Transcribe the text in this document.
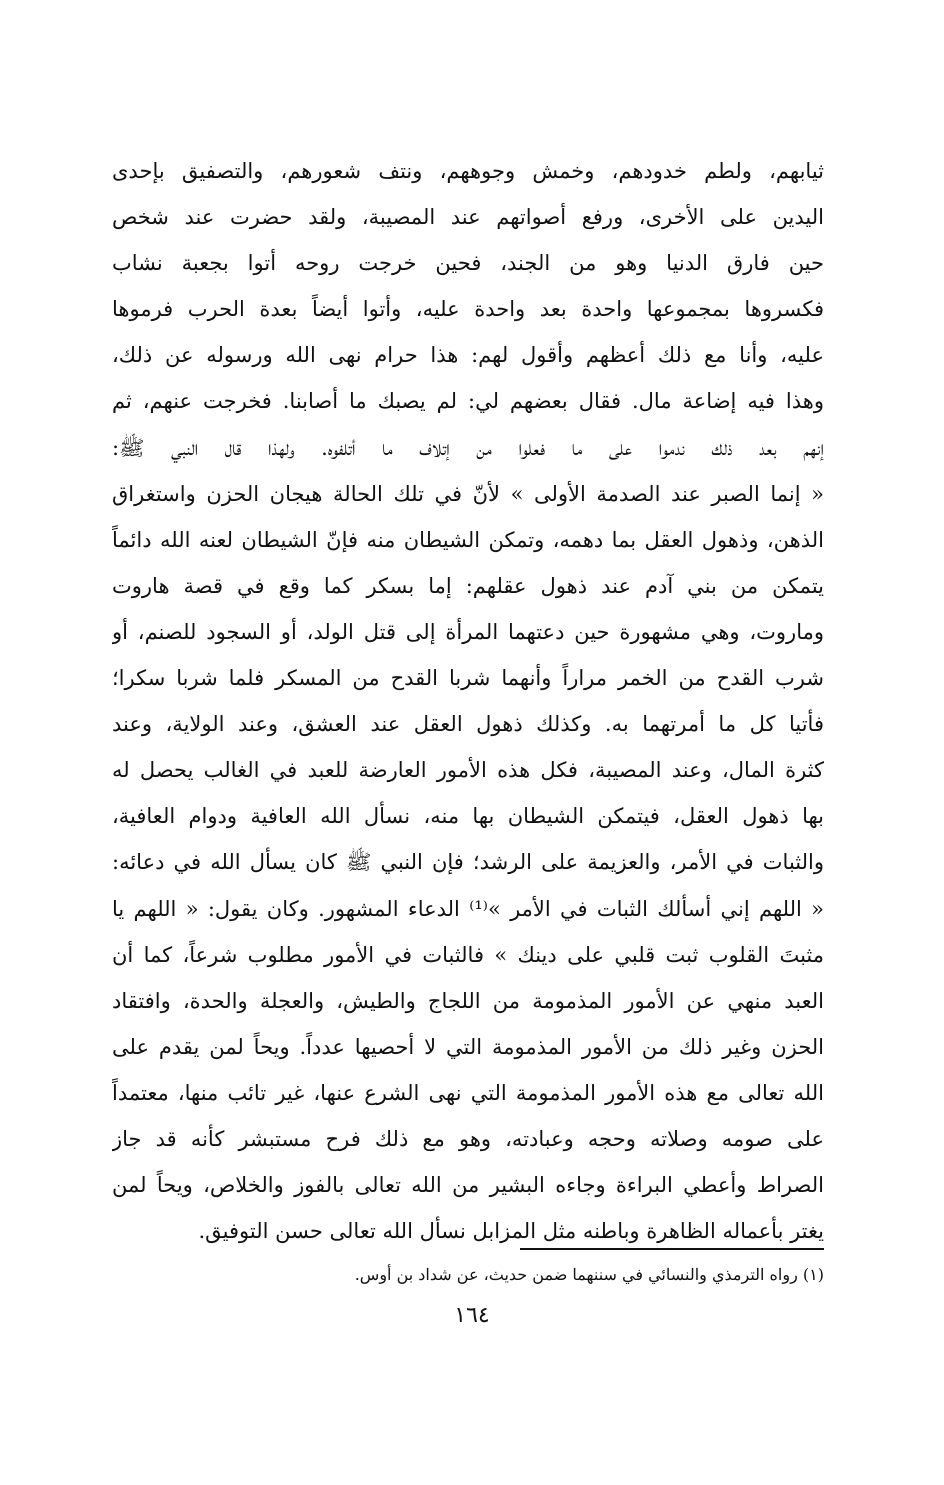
ثيابهم، ولطم خدودهم، وخمش وجوههم، ونتف شعورهم، والتصفيق بإحدى
اليدين على الأخرى، ورفع أصواتهم عند المصيبة، ولقد حضرت عند شخص
حين فارق الدنيا وهو من الجند، فحين خرجت روحه أتوا بجعبة نشاب
فكسروها بمجموعها واحدة بعد واحدة عليه، وأتوا أيضاً بعدة الحرب فرموها
عليه، وأنا مع ذلك أعظهم وأقول لهم: هذا حرام نهى الله ورسوله عن ذلك،
وهذا فيه إضاعة مال. فقال بعضهم لي: لم يصبك ما أصابنا. فخرجت عنهم، ثم
إنهم بعد ذلك ندموا على ما فعلوا من إتلاف ما أتلفوه. ولهذا قال النبي ﷺ:
« إنما الصبر عند الصدمة الأولى » لأنّ في تلك الحالة هيجان الحزن واستغراق
الذهن، وذهول العقل بما دهمه، وتمكن الشيطان منه فإنّ الشيطان لعنه الله دائماً
يتمكن من بني آدم عند ذهول عقلهم: إما بسكر كما وقع في قصة هاروت
وماروت، وهي مشهورة حين دعتهما المرأة إلى قتل الولد، أو السجود للصنم، أو
شرب القدح من الخمر مراراً وأنهما شربا القدح من المسكر فلما شربا سكرا؛
فأتيا كل ما أمرتهما به. وكذلك ذهول العقل عند العشق، وعند الولاية، وعند
كثرة المال، وعند المصيبة، فكل هذه الأمور العارضة للعبد في الغالب يحصل له
بها ذهول العقل، فيتمكن الشيطان بها منه، نسأل الله العافية ودوام العافية،
والثبات في الأمر، والعزيمة على الرشد؛ فإن النبي ﷺ كان يسأل الله في دعائه:
« اللهم إني أسألك الثبات في الأمر »⁽¹⁾ الدعاء المشهور. وكان يقول: « اللهم يا
مثبتَ القلوب ثبت قلبي على دينك » فالثبات في الأمور مطلوب شرعاً، كما أن
العبد منهي عن الأمور المذمومة من اللجاج والطيش، والعجلة والحدة، وافتقاد
الحزن وغير ذلك من الأمور المذمومة التي لا أحصيها عدداً. ويحاً لمن يقدم على
الله تعالى مع هذه الأمور المذمومة التي نهى الشرع عنها، غير تائب منها، معتمداً
على صومه وصلاته وحجه وعبادته، وهو مع ذلك فرح مستبشر كأنه قد جاز
الصراط وأعطي البراءة وجاءه البشير من الله تعالى بالفوز والخلاص، ويحاً لمن
يغتر بأعماله الظاهرة وباطنه مثل المزابل نسأل الله تعالى حسن التوفيق.
(١) رواه الترمذي والنسائي في سننهما ضمن حديث، عن شداد بن أوس.
١٦٤
